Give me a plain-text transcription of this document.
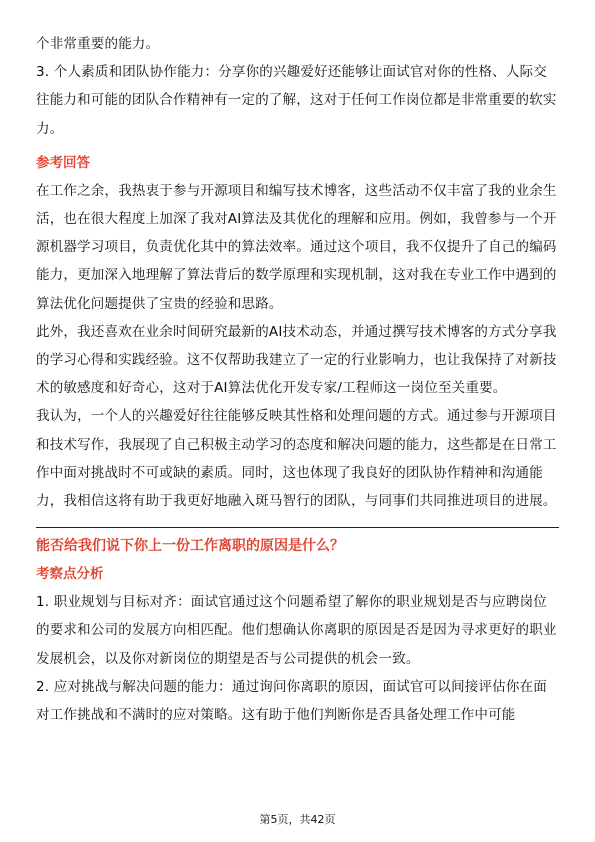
个非常重要的能力。

3. 个人素质和团队协作能力：分享你的兴趣爱好还能够让面试官对你的性格、人际交往能力和可能的团队合作精神有一定的了解，这对于任何工作岗位都是非常重要的软实力。

参考回答

在工作之余，我热衷于参与开源项目和编写技术博客，这些活动不仅丰富了我的业余生活，也在很大程度上加深了我对AI算法及其优化的理解和应用。例如，我曾参与一个开源机器学习项目，负责优化其中的算法效率。通过这个项目，我不仅提升了自己的编码能力，更加深入地理解了算法背后的数学原理和实现机制，这对我在专业工作中遇到的算法优化问题提供了宝贵的经验和思路。

此外，我还喜欢在业余时间研究最新的AI技术动态，并通过撰写技术博客的方式分享我的学习心得和实践经验。这不仅帮助我建立了一定的行业影响力，也让我保持了对新技术的敏感度和好奇心，这对于AI算法优化开发专家/工程师这一岗位至关重要。

我认为，一个人的兴趣爱好往往能够反映其性格和处理问题的方式。通过参与开源项目和技术写作，我展现了自己积极主动学习的态度和解决问题的能力，这些都是在日常工作中面对挑战时不可或缺的素质。同时，这也体现了我良好的团队协作精神和沟通能力，我相信这将有助于我更好地融入斑马智行的团队，与同事们共同推进项目的进展。

能否给我们说下你上一份工作离职的原因是什么？
考察点分析

1. 职业规划与目标对齐：面试官通过这个问题希望了解你的职业规划是否与应聘岗位的要求和公司的发展方向相匹配。他们想确认你离职的原因是否是因为寻求更好的职业发展机会，以及你对新岗位的期望是否与公司提供的机会一致。

2. 应对挑战与解决问题的能力：通过询问你离职的原因，面试官可以间接评估你在面对工作挑战和不满时的应对策略。这有助于他们判断你是否具备处理工作中可能

第5页，共42页
